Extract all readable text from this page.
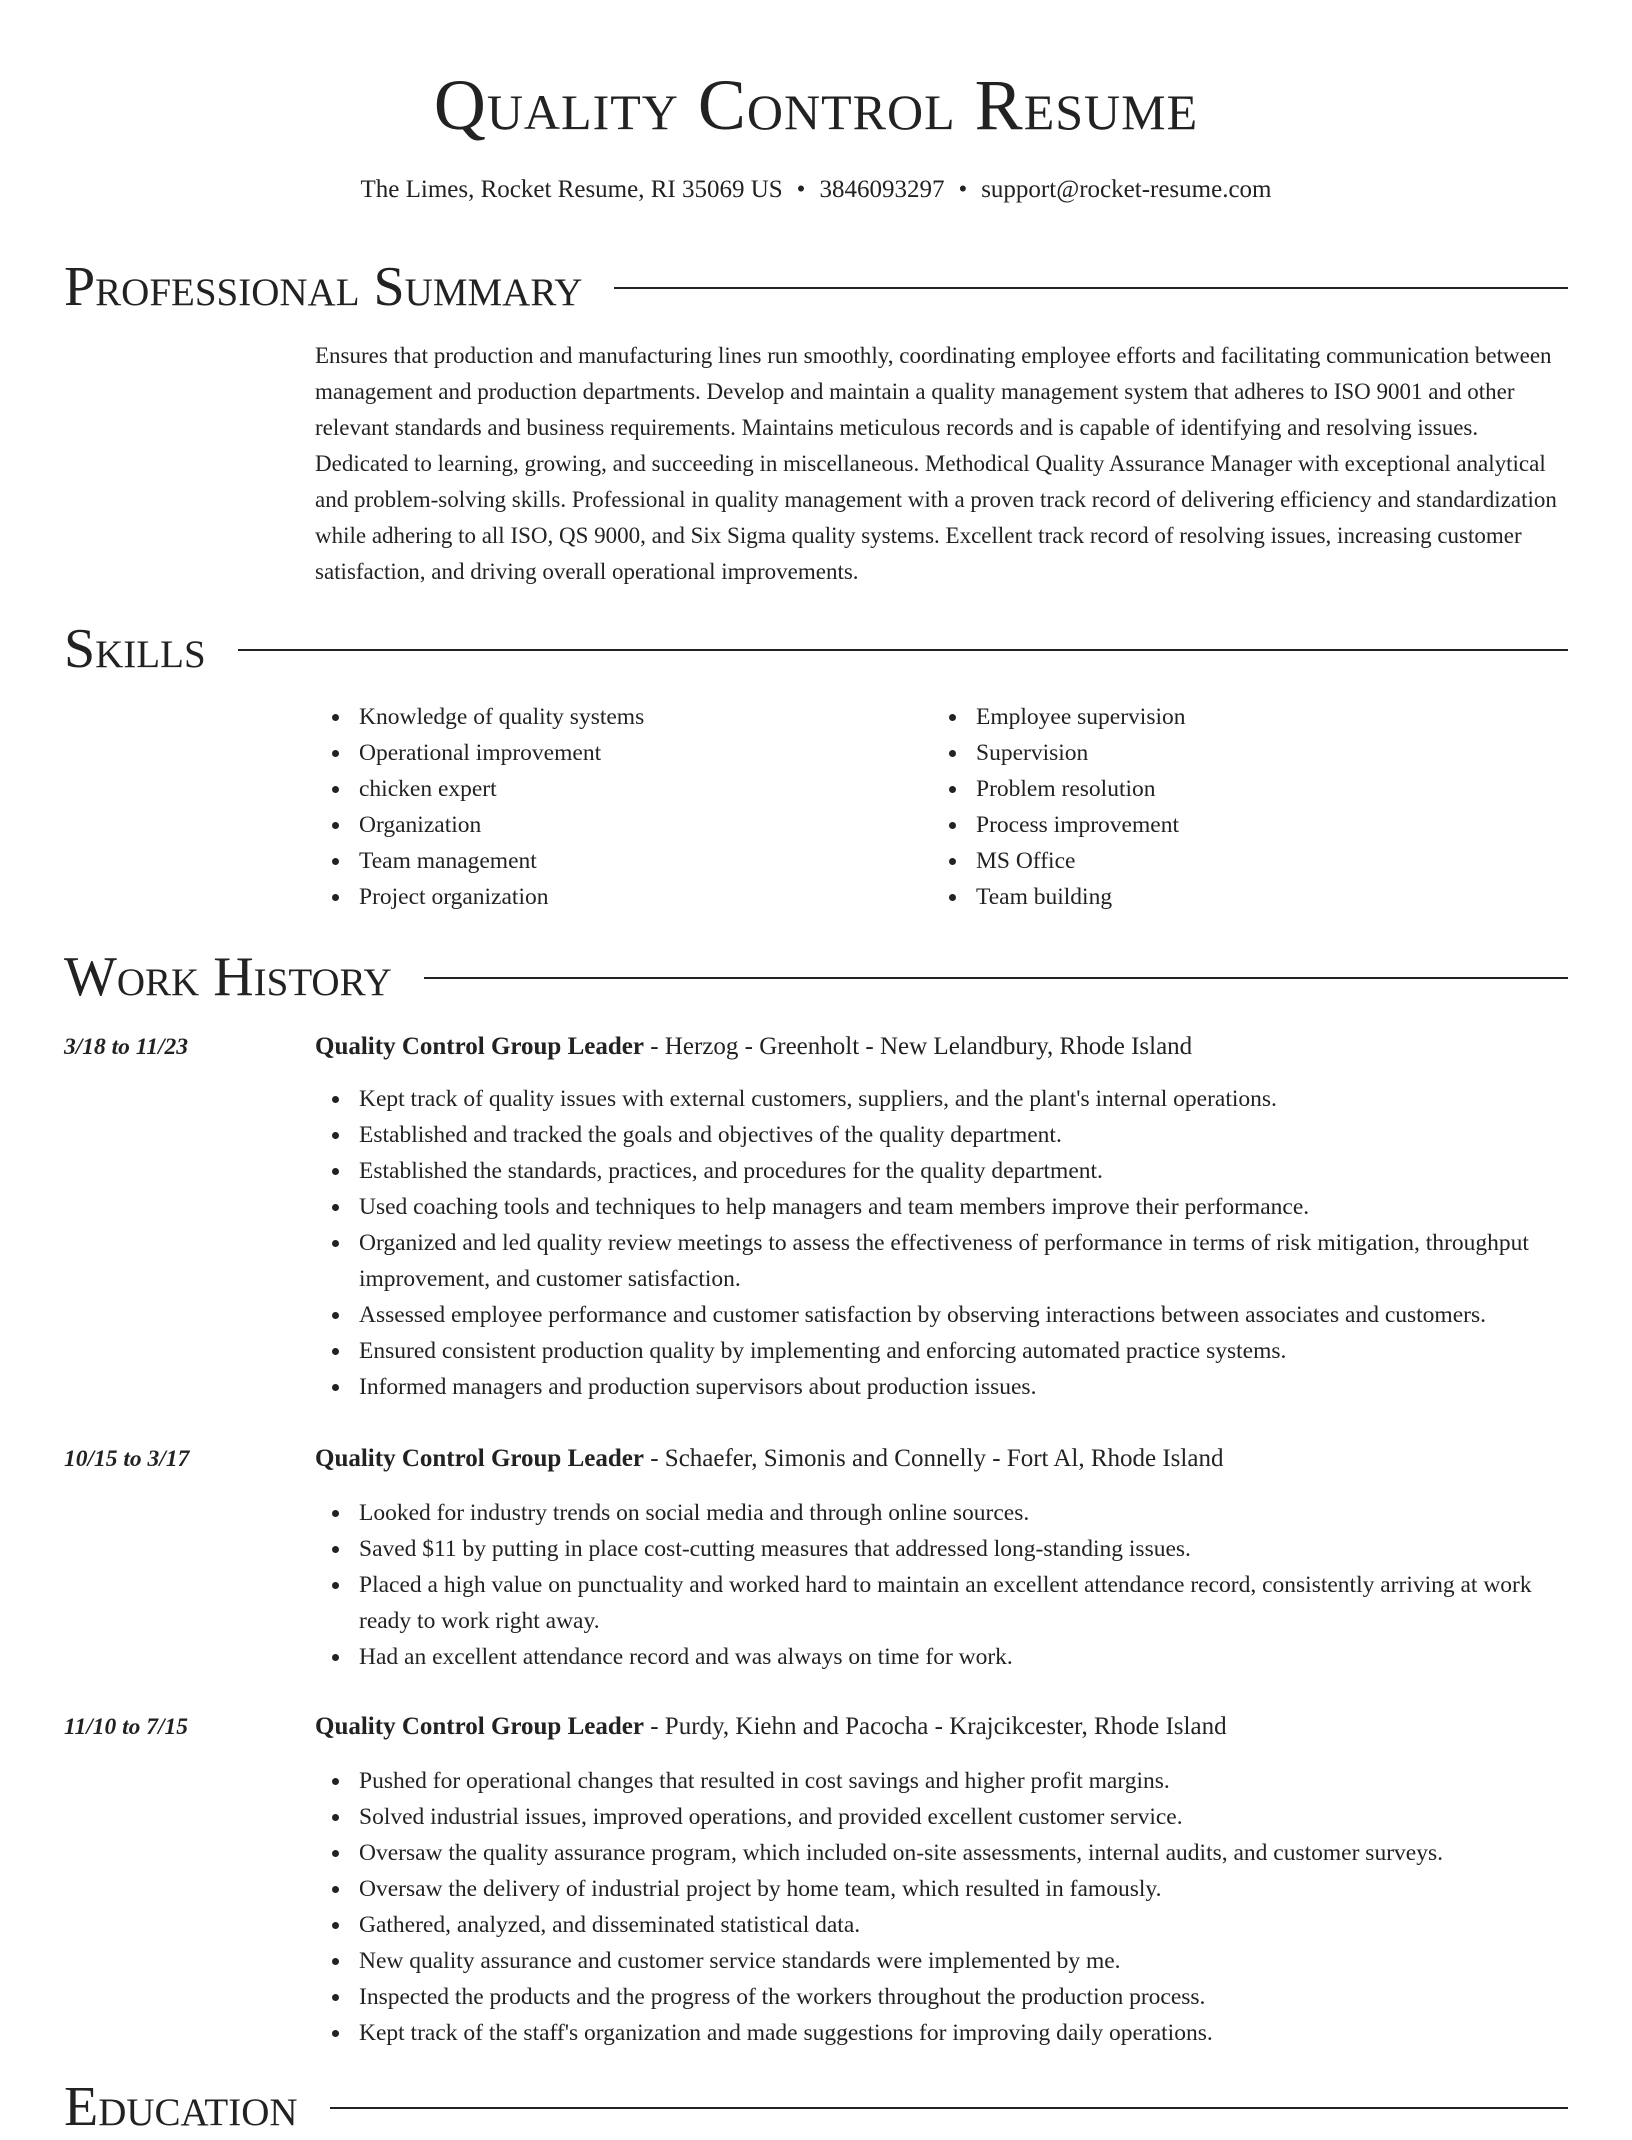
Quality Control Resume
The Limes, Rocket Resume, RI 35069 US • 3846093297 • support@rocket-resume.com
Professional Summary
Ensures that production and manufacturing lines run smoothly, coordinating employee efforts and facilitating communication between management and production departments. Develop and maintain a quality management system that adheres to ISO 9001 and other relevant standards and business requirements. Maintains meticulous records and is capable of identifying and resolving issues. Dedicated to learning, growing, and succeeding in miscellaneous. Methodical Quality Assurance Manager with exceptional analytical and problem-solving skills. Professional in quality management with a proven track record of delivering efficiency and standardization while adhering to all ISO, QS 9000, and Six Sigma quality systems. Excellent track record of resolving issues, increasing customer satisfaction, and driving overall operational improvements.
Skills
Knowledge of quality systems
Operational improvement
chicken expert
Organization
Team management
Project organization
Employee supervision
Supervision
Problem resolution
Process improvement
MS Office
Team building
Work History
3/18 to 11/23	Quality Control Group Leader - Herzog - Greenholt - New Lelandbury, Rhode Island
Kept track of quality issues with external customers, suppliers, and the plant's internal operations.
Established and tracked the goals and objectives of the quality department.
Established the standards, practices, and procedures for the quality department.
Used coaching tools and techniques to help managers and team members improve their performance.
Organized and led quality review meetings to assess the effectiveness of performance in terms of risk mitigation, throughput improvement, and customer satisfaction.
Assessed employee performance and customer satisfaction by observing interactions between associates and customers.
Ensured consistent production quality by implementing and enforcing automated practice systems.
Informed managers and production supervisors about production issues.
10/15 to 3/17	Quality Control Group Leader - Schaefer, Simonis and Connelly - Fort Al, Rhode Island
Looked for industry trends on social media and through online sources.
Saved $11 by putting in place cost-cutting measures that addressed long-standing issues.
Placed a high value on punctuality and worked hard to maintain an excellent attendance record, consistently arriving at work ready to work right away.
Had an excellent attendance record and was always on time for work.
11/10 to 7/15	Quality Control Group Leader - Purdy, Kiehn and Pacocha - Krajcikcester, Rhode Island
Pushed for operational changes that resulted in cost savings and higher profit margins.
Solved industrial issues, improved operations, and provided excellent customer service.
Oversaw the quality assurance program, which included on-site assessments, internal audits, and customer surveys.
Oversaw the delivery of industrial project by home team, which resulted in famously.
Gathered, analyzed, and disseminated statistical data.
New quality assurance and customer service standards were implemented by me.
Inspected the products and the progress of the workers throughout the production process.
Kept track of the staff's organization and made suggestions for improving daily operations.
Education
